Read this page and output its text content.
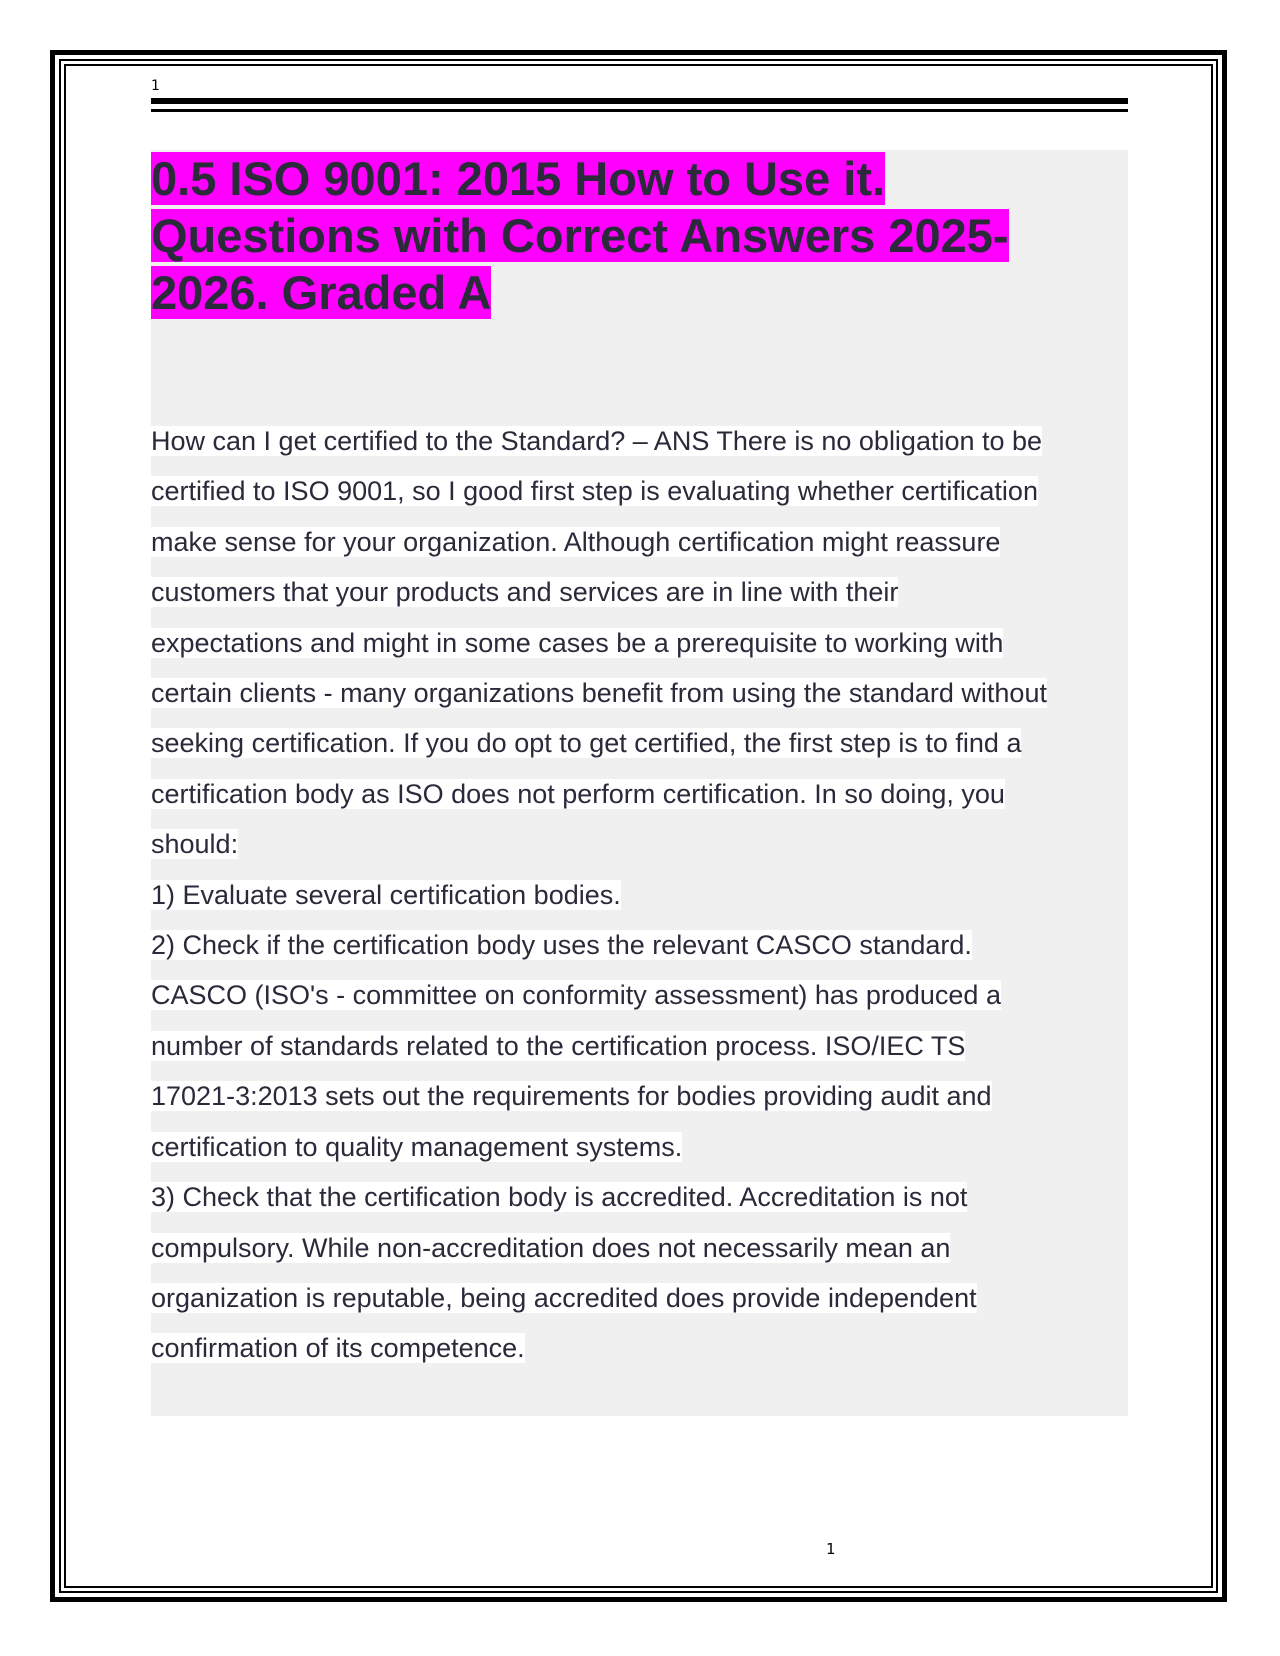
1
0.5 ISO 9001: 2015 How to Use it.
Questions with Correct Answers 2025-
2026. Graded A
How can I get certified to the Standard? – ANS There is no obligation to be
certified to ISO 9001, so I good first step is evaluating whether certification
make sense for your organization. Although certification might reassure
customers that your products and services are in line with their
expectations and might in some cases be a prerequisite to working with
certain clients - many organizations benefit from using the standard without
seeking certification. If you do opt to get certified, the first step is to find a
certification body as ISO does not perform certification. In so doing, you
should:
1) Evaluate several certification bodies.
2) Check if the certification body uses the relevant CASCO standard.
CASCO (ISO's - committee on conformity assessment) has produced a
number of standards related to the certification process. ISO/IEC TS
17021-3:2013 sets out the requirements for bodies providing audit and
certification to quality management systems.
3) Check that the certification body is accredited. Accreditation is not
compulsory. While non-accreditation does not necessarily mean an
organization is reputable, being accredited does provide independent
confirmation of its competence.
1
